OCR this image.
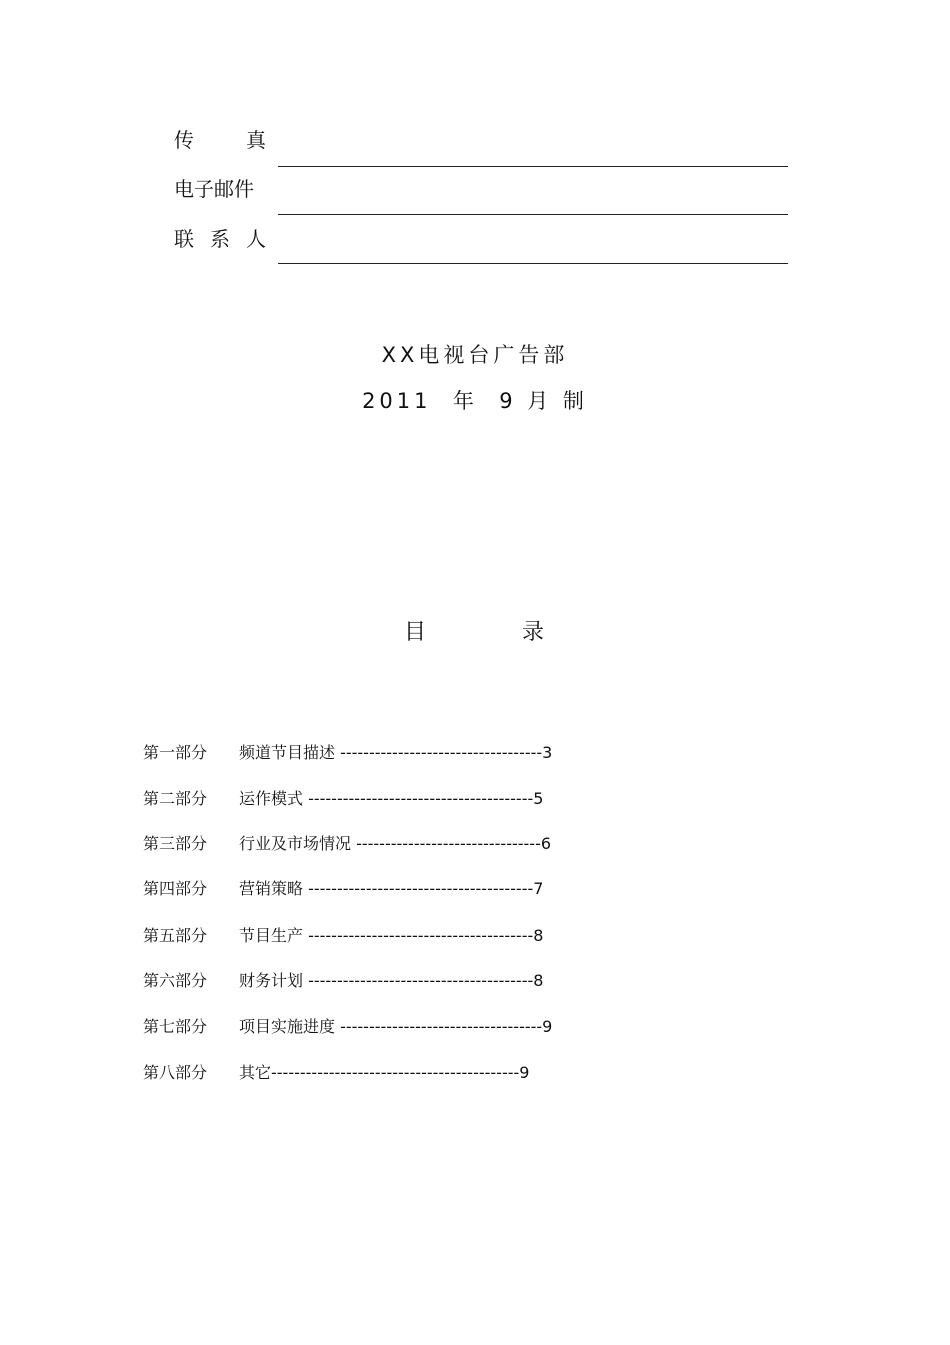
传	真
电子邮件
联 系 人
XX电视台广告部
2011  年  9 月 制
目	录
第一部分 频道节目描述 -----------------------------------3
第二部分 运作模式 ---------------------------------------5
第三部分 行业及市场情况 --------------------------------6
第四部分 营销策略 ---------------------------------------7
第五部分 节目生产 ---------------------------------------8
第六部分 财务计划 ---------------------------------------8
第七部分 项目实施进度 -----------------------------------9
第八部分 其它-------------------------------------------9
